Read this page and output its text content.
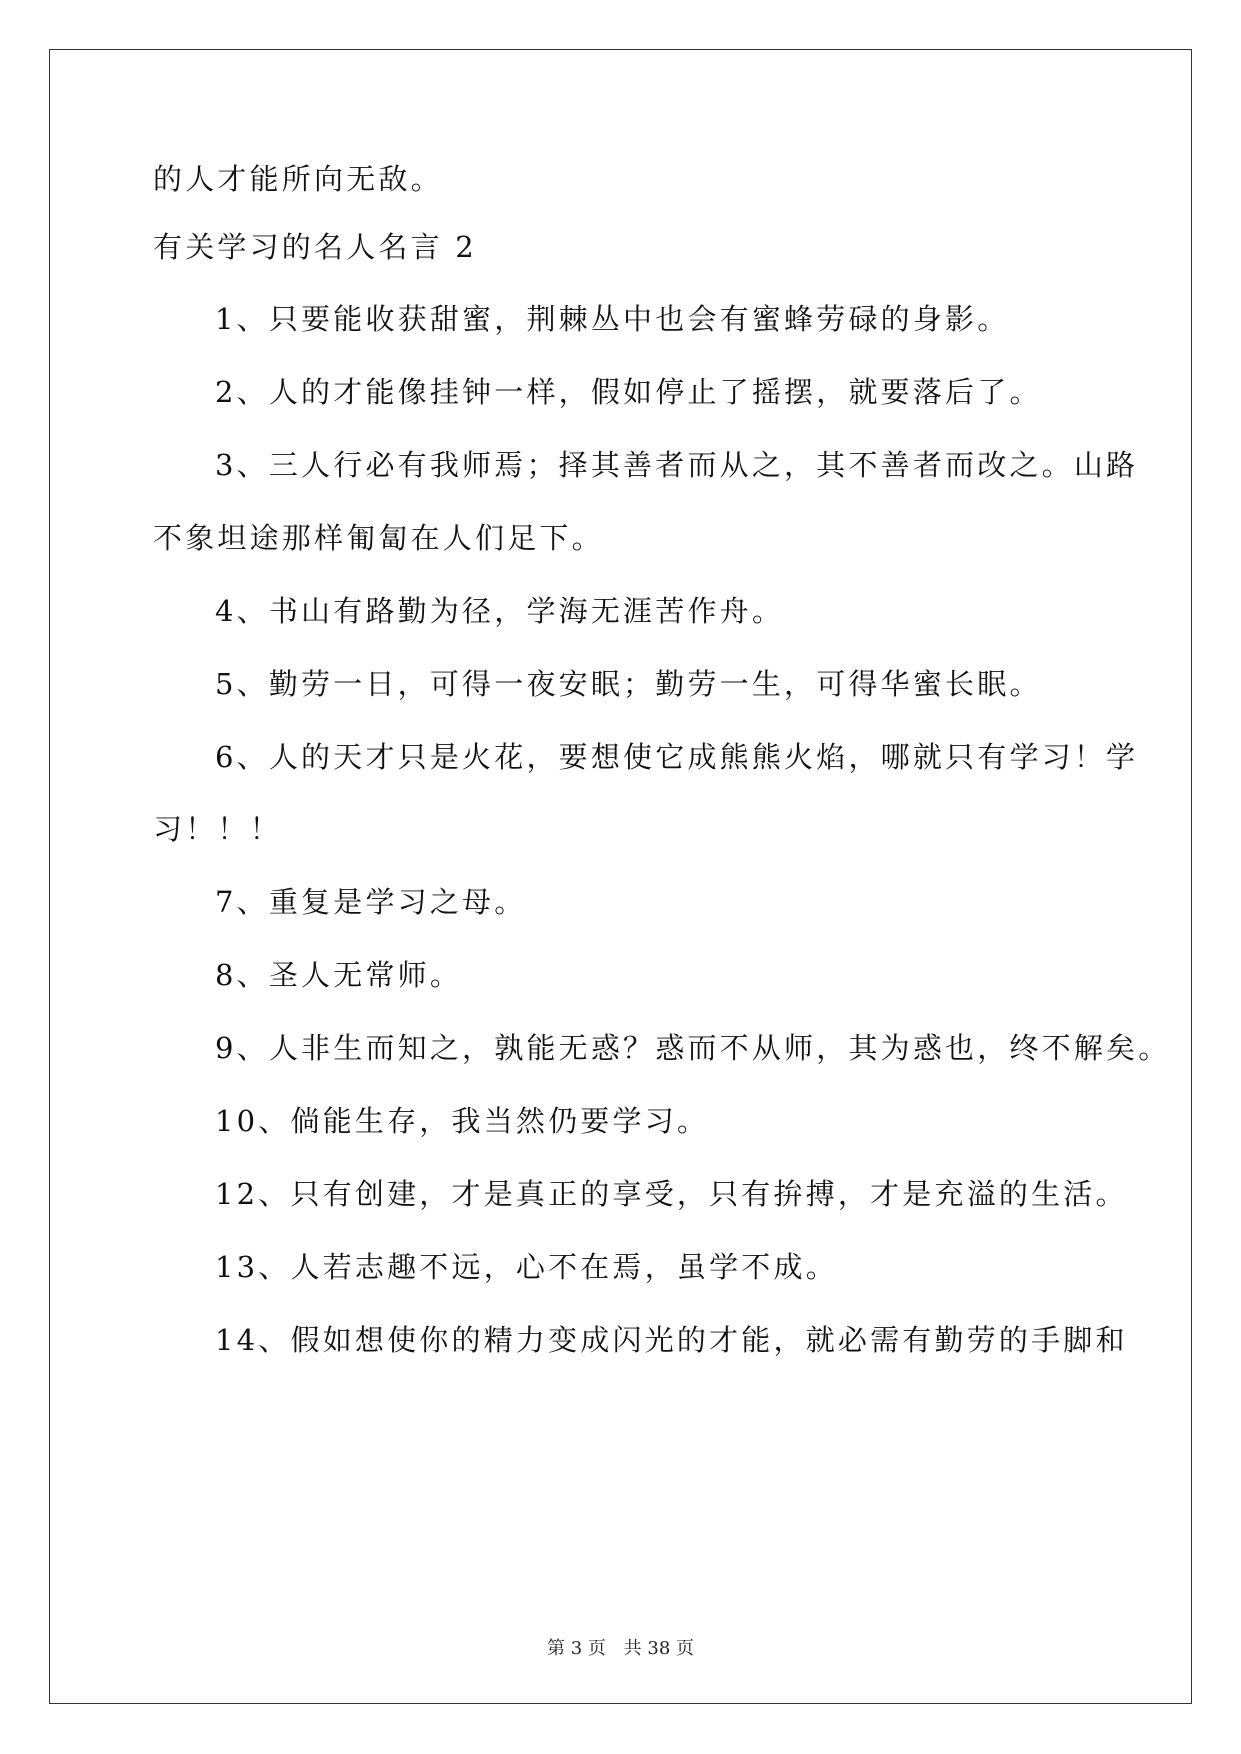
的人才能所向无敌。
有关学习的名人名言 2
1、只要能收获甜蜜，荆棘丛中也会有蜜蜂劳碌的身影。
2、人的才能像挂钟一样，假如停止了摇摆，就要落后了。
3、三人行必有我师焉；择其善者而从之，其不善者而改之。山路
不象坦途那样匍匐在人们足下。
4、书山有路勤为径，学海无涯苦作舟。
5、勤劳一日，可得一夜安眠；勤劳一生，可得华蜜长眠。
6、人的天才只是火花，要想使它成熊熊火焰，哪就只有学习！学
习！！！
7、重复是学习之母。
8、圣人无常师。
9、人非生而知之，孰能无惑？惑而不从师，其为惑也，终不解矣。
10、倘能生存，我当然仍要学习。
12、只有创建，才是真正的享受，只有拚搏，才是充溢的生活。
13、人若志趣不远，心不在焉，虽学不成。
14、假如想使你的精力变成闪光的才能，就必需有勤劳的手脚和
第 3 页 共 38 页
